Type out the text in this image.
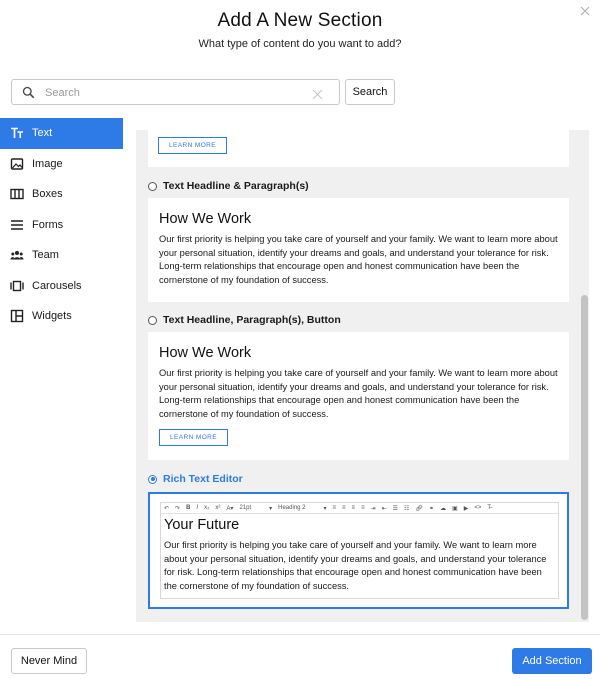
Add A New Section
What type of content do you want to add?
Search
Search
Text
Image
Boxes
Forms
Team
Carousels
Widgets
LEARN MORE
Text Headline & Paragraph(s)
How We Work
Our first priority is helping you take care of yourself and your family. We want to learn more about your personal situation, identify your dreams and goals, and understand your tolerance for risk. Long-term relationships that encourage open and honest communication have been the cornerstone of my foundation of success.
Text Headline, Paragraph(s), Button
How We Work
Our first priority is helping you take care of yourself and your family. We want to learn more about your personal situation, identify your dreams and goals, and understand your tolerance for risk. Long-term relationships that encourage open and honest communication have been the cornerstone of my foundation of success.
LEARN MORE
Rich Text Editor
↶ ↷ B I x₂ x² A▾ 21pt	▾ Heading 2	▾ ≡ ≡ ≡ ≡ ⇥ ⇤ ☰ ☷ 🔗︎ ⚭ ☁︎ ▣ ▶ <> T̶
Your Future
Our first priority is helping you take care of yourself and your family. We want to learn more about your personal situation, identify your dreams and goals, and understand your tolerance for risk. Long-term relationships that encourage open and honest communication have been the cornerstone of my foundation of success.
Never Mind	Add Section
